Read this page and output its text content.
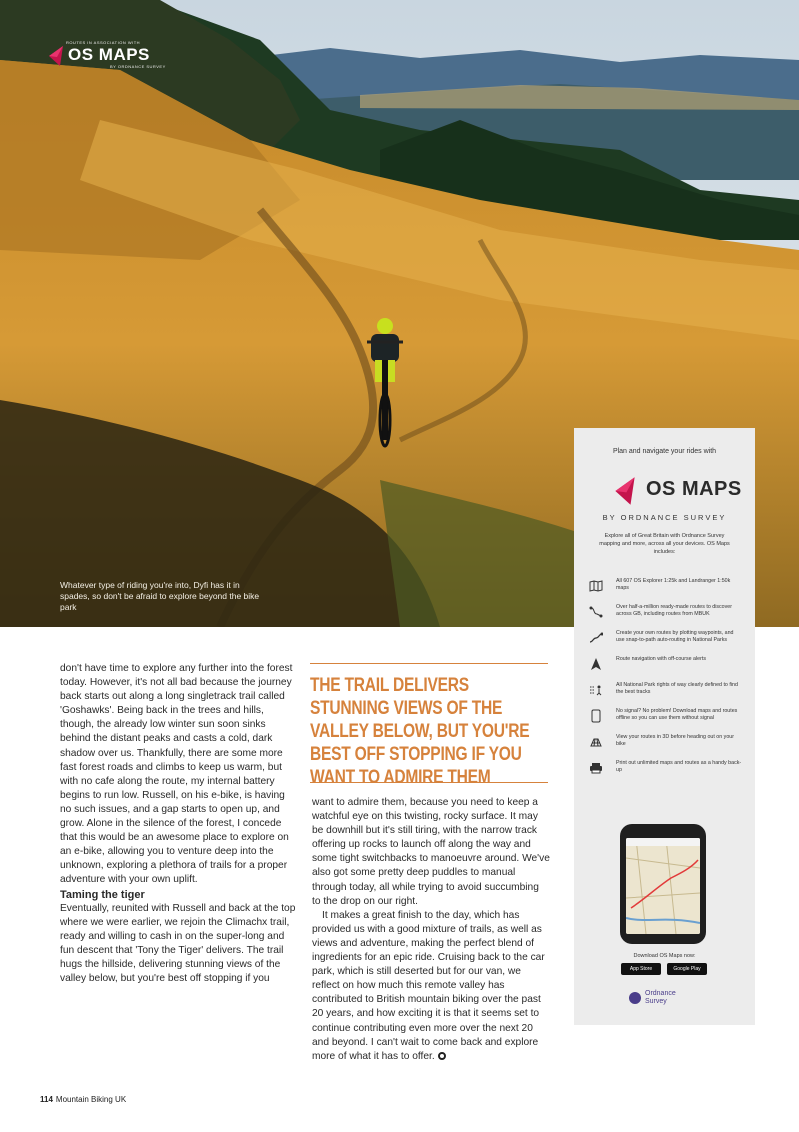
Whatever type of riding you're into, Dyfi has it in spades, so don't be afraid to explore beyond the bike park
ROUTES IN ASSOCIATION WITH
OS MAPS
BY ORDNANCE SURVEY
Plan and navigate your rides with
OS MAPS
BY ORDNANCE SURVEY
Explore all of Great Britain with Ordnance Survey mapping and more, across all your devices. OS Maps includes:
All 607 OS Explorer 1:25k and Landranger 1:50k maps
Over half-a-million ready-made routes to discover across GB, including routes from MBUK
Create your own routes by plotting waypoints, and use snap-to-path auto-routing in National Parks
Route navigation with off-course alerts
All National Park rights of way clearly defined to find the best tracks
No signal? No problem! Download maps and routes offline so you can use them without signal
View your routes in 3D before heading out on your bike
Print out unlimited maps and routes as a handy back-up
Download OS Maps now:
App Store	Google Play
Ordnance
Survey

don't have time to explore any further into the forest today. However, it's not all bad because the journey back starts out along a long singletrack trail called 'Goshawks'. Being back in the trees and hills, though, the already low winter sun soon sinks behind the distant peaks and casts a cold, dark shadow over us. Thankfully, there are some more fast forest roads and climbs to keep us warm, but with no cafe along the route, my internal battery begins to run low. Russell, on his e-bike, is having no such issues, and a gap starts to open up, and grow. Alone in the silence of the forest, I concede that this would be an awesome place to explore on an e-bike, allowing you to venture deep into the unknown, exploring a plethora of trails for a proper adventure with your own uplift.

Taming the tiger

Eventually, reunited with Russell and back at the top where we were earlier, we rejoin the Climachx trail, ready and willing to cash in on the super-long and fun descent that 'Tony the Tiger' delivers. The trail hugs the hillside, delivering stunning views of the valley below, but you're best off stopping if you

THE TRAIL DELIVERS STUNNING VIEWS OF THE VALLEY BELOW, BUT YOU'RE BEST OFF STOPPING IF YOU WANT TO ADMIRE THEM

want to admire them, because you need to keep a watchful eye on this twisting, rocky surface. It may be downhill but it's still tiring, with the narrow track offering up rocks to launch off along the way and some tight switchbacks to manoeuvre around. We've also got some pretty deep puddles to manual through today, all while trying to avoid succumbing to the drop on our right.

It makes a great finish to the day, which has provided us with a good mixture of trails, as well as views and adventure, making the perfect blend of ingredients for an epic ride. Cruising back to the car park, which is still deserted but for our van, we reflect on how much this remote valley has contributed to British mountain biking over the past 20 years, and how exciting it is that it seems set to continue contributing even more over the next 20 and beyond. I can't wait to come back and explore more of what it has to offer.

114 Mountain Biking UK
